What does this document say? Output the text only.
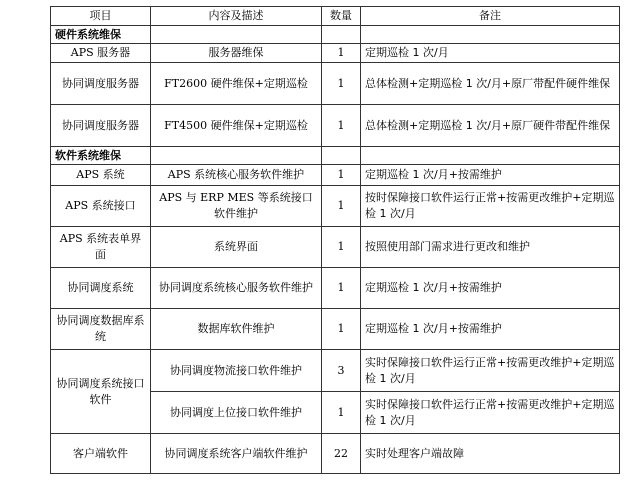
项目	内容及描述	数量	备注
硬件系统维保			
APS 服务器	服务器维保	1	定期巡检 1 次/月
协同调度服务器	FT2600 硬件维保+定期巡检	1	总体检测+定期巡检 1 次/月+原厂带配件硬件维保
协同调度服务器	FT4500 硬件维保+定期巡检	1	总体检测+定期巡检 1 次/月+原厂硬件带配件维保
软件系统维保			
APS 系统	APS 系统核心服务软件维护	1	定期巡检 1 次/月+按需维护
APS 系统接口	APS 与 ERP MES 等系统接口软件维护	1	按时保障接口软件运行正常+按需更改维护+定期巡检 1 次/月
APS 系统表单界面	系统界面	1	按照使用部门需求进行更改和维护
协同调度系统	协同调度系统核心服务软件维护	1	定期巡检 1 次/月+按需维护
协同调度数据库系统	数据库软件维护	1	定期巡检 1 次/月+按需维护
协同调度系统接口软件	协同调度物流接口软件维护	3	实时保障接口软件运行正常+按需更改维护+定期巡检 1 次/月
	协同调度上位接口软件维护	1	实时保障接口软件运行正常+按需更改维护+定期巡检 1 次/月
客户端软件	协同调度系统客户端软件维护	22	实时处理客户端故障
